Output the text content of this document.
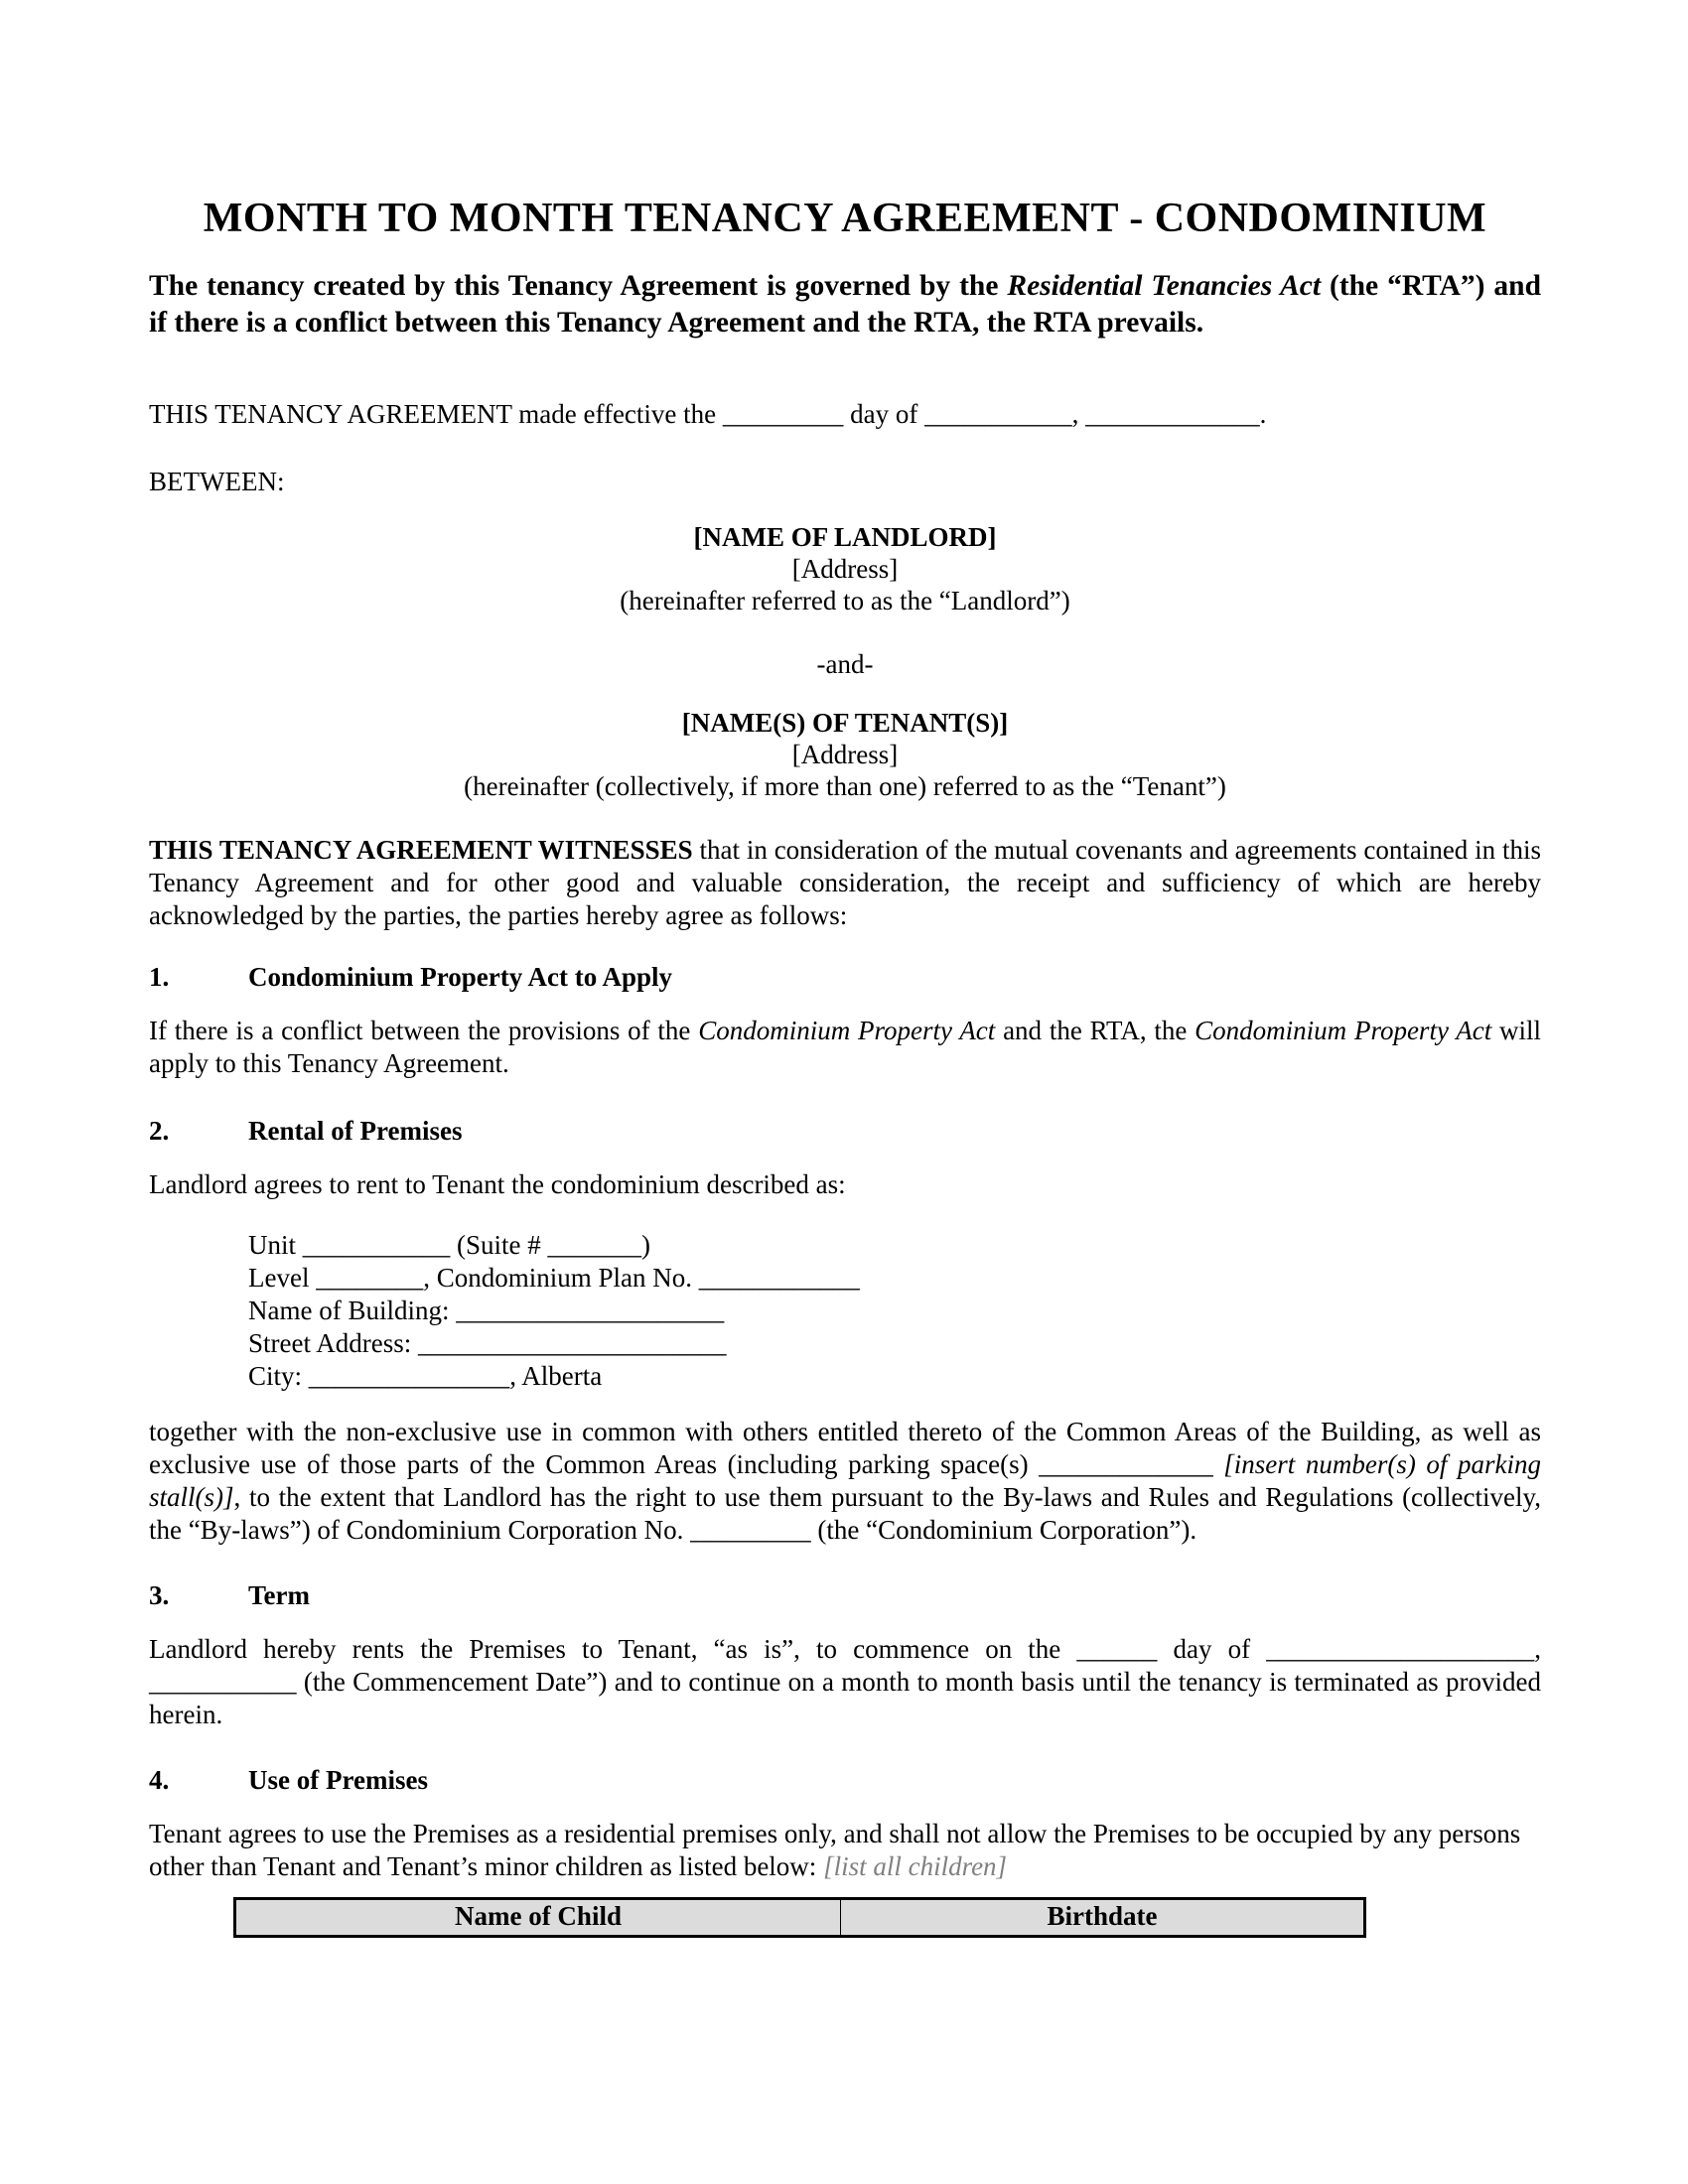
MONTH TO MONTH TENANCY AGREEMENT - CONDOMINIUM

The tenancy created by this Tenancy Agreement is governed by the Residential Tenancies Act (the “RTA”) and if there is a conflict between this Tenancy Agreement and the RTA, the RTA prevails.

THIS TENANCY AGREEMENT made effective the _________ day of ___________, _____________.

BETWEEN:

[NAME OF LANDLORD]
[Address]
(hereinafter referred to as the “Landlord”)

-and-

[NAME(S) OF TENANT(S)]
[Address]
(hereinafter (collectively, if more than one) referred to as the “Tenant”)

THIS TENANCY AGREEMENT WITNESSES that in consideration of the mutual covenants and agreements contained in this Tenancy Agreement and for other good and valuable consideration, the receipt and sufficiency of which are hereby acknowledged by the parties, the parties hereby agree as follows:

1.	Condominium Property Act to Apply

If there is a conflict between the provisions of the Condominium Property Act and the RTA, the Condominium Property Act will apply to this Tenancy Agreement.

2.	Rental of Premises

Landlord agrees to rent to Tenant the condominium described as:

Unit ___________ (Suite # _______)
Level ________, Condominium Plan No. ____________
Name of Building: ____________________
Street Address: _______________________
City: _______________, Alberta

together with the non-exclusive use in common with others entitled thereto of the Common Areas of the Building, as well as exclusive use of those parts of the Common Areas (including parking space(s) _____________ [insert number(s) of parking stall(s)], to the extent that Landlord has the right to use them pursuant to the By-laws and Rules and Regulations (collectively, the “By-laws”) of Condominium Corporation No. _________ (the “Condominium Corporation”).

3.	Term

Landlord hereby rents the Premises to Tenant, “as is”, to commence on the ______ day of ____________________, ___________ (the Commencement Date”) and to continue on a month to month basis until the tenancy is terminated as provided herein.

4.	Use of Premises

Tenant agrees to use the Premises as a residential premises only, and shall not allow the Premises to be occupied by any persons other than Tenant and Tenant’s minor children as listed below: [list all children]

Name of Child	Birthdate
